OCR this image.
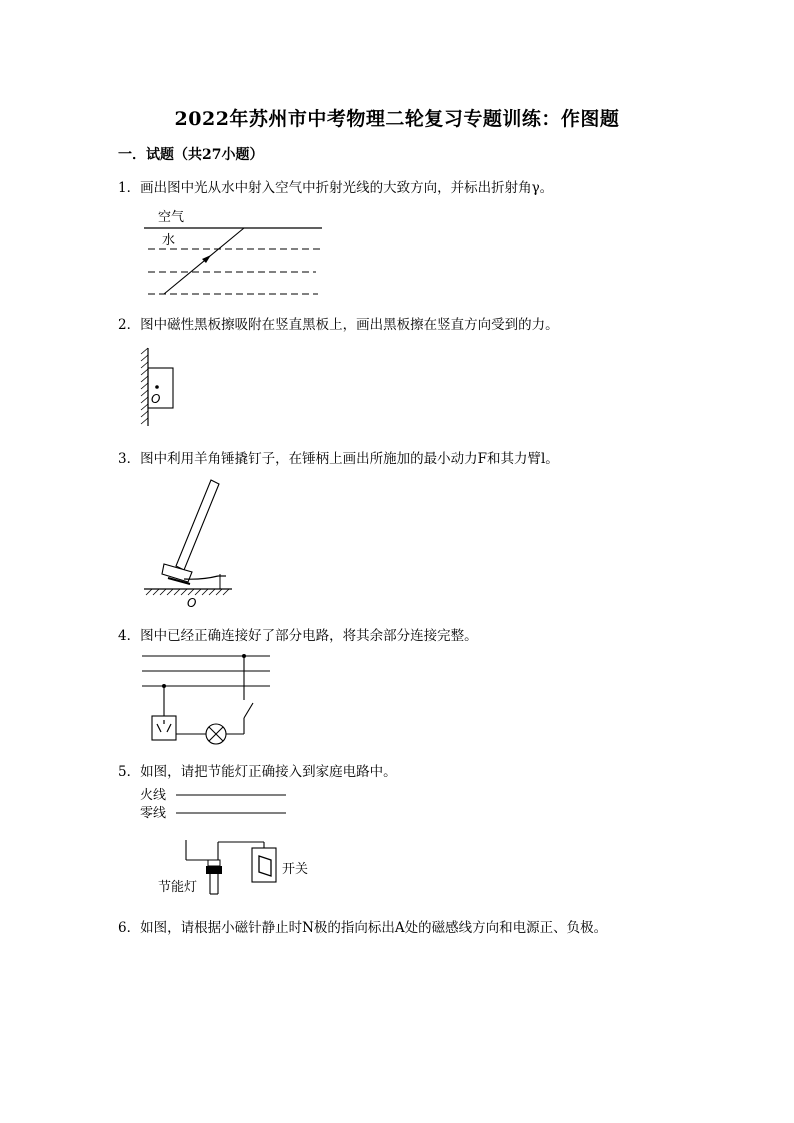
2022年苏州市中考物理二轮复习专题训练：作图题
一．试题（共27小题）
1．画出图中光从水中射入空气中折射光线的大致方向，并标出折射角γ。
空气
水
2．图中磁性黑板擦吸附在竖直黑板上，画出黑板擦在竖直方向受到的力。
O
3．图中利用羊角锤撬钉子，在锤柄上画出所施加的最小动力F和其力臂l。
O
4．图中已经正确连接好了部分电路，将其余部分连接完整。
5．如图，请把节能灯正确接入到家庭电路中。
火线
零线
开关
节能灯
6．如图，请根据小磁针静止时N极的指向标出A处的磁感线方向和电源正、负极。
